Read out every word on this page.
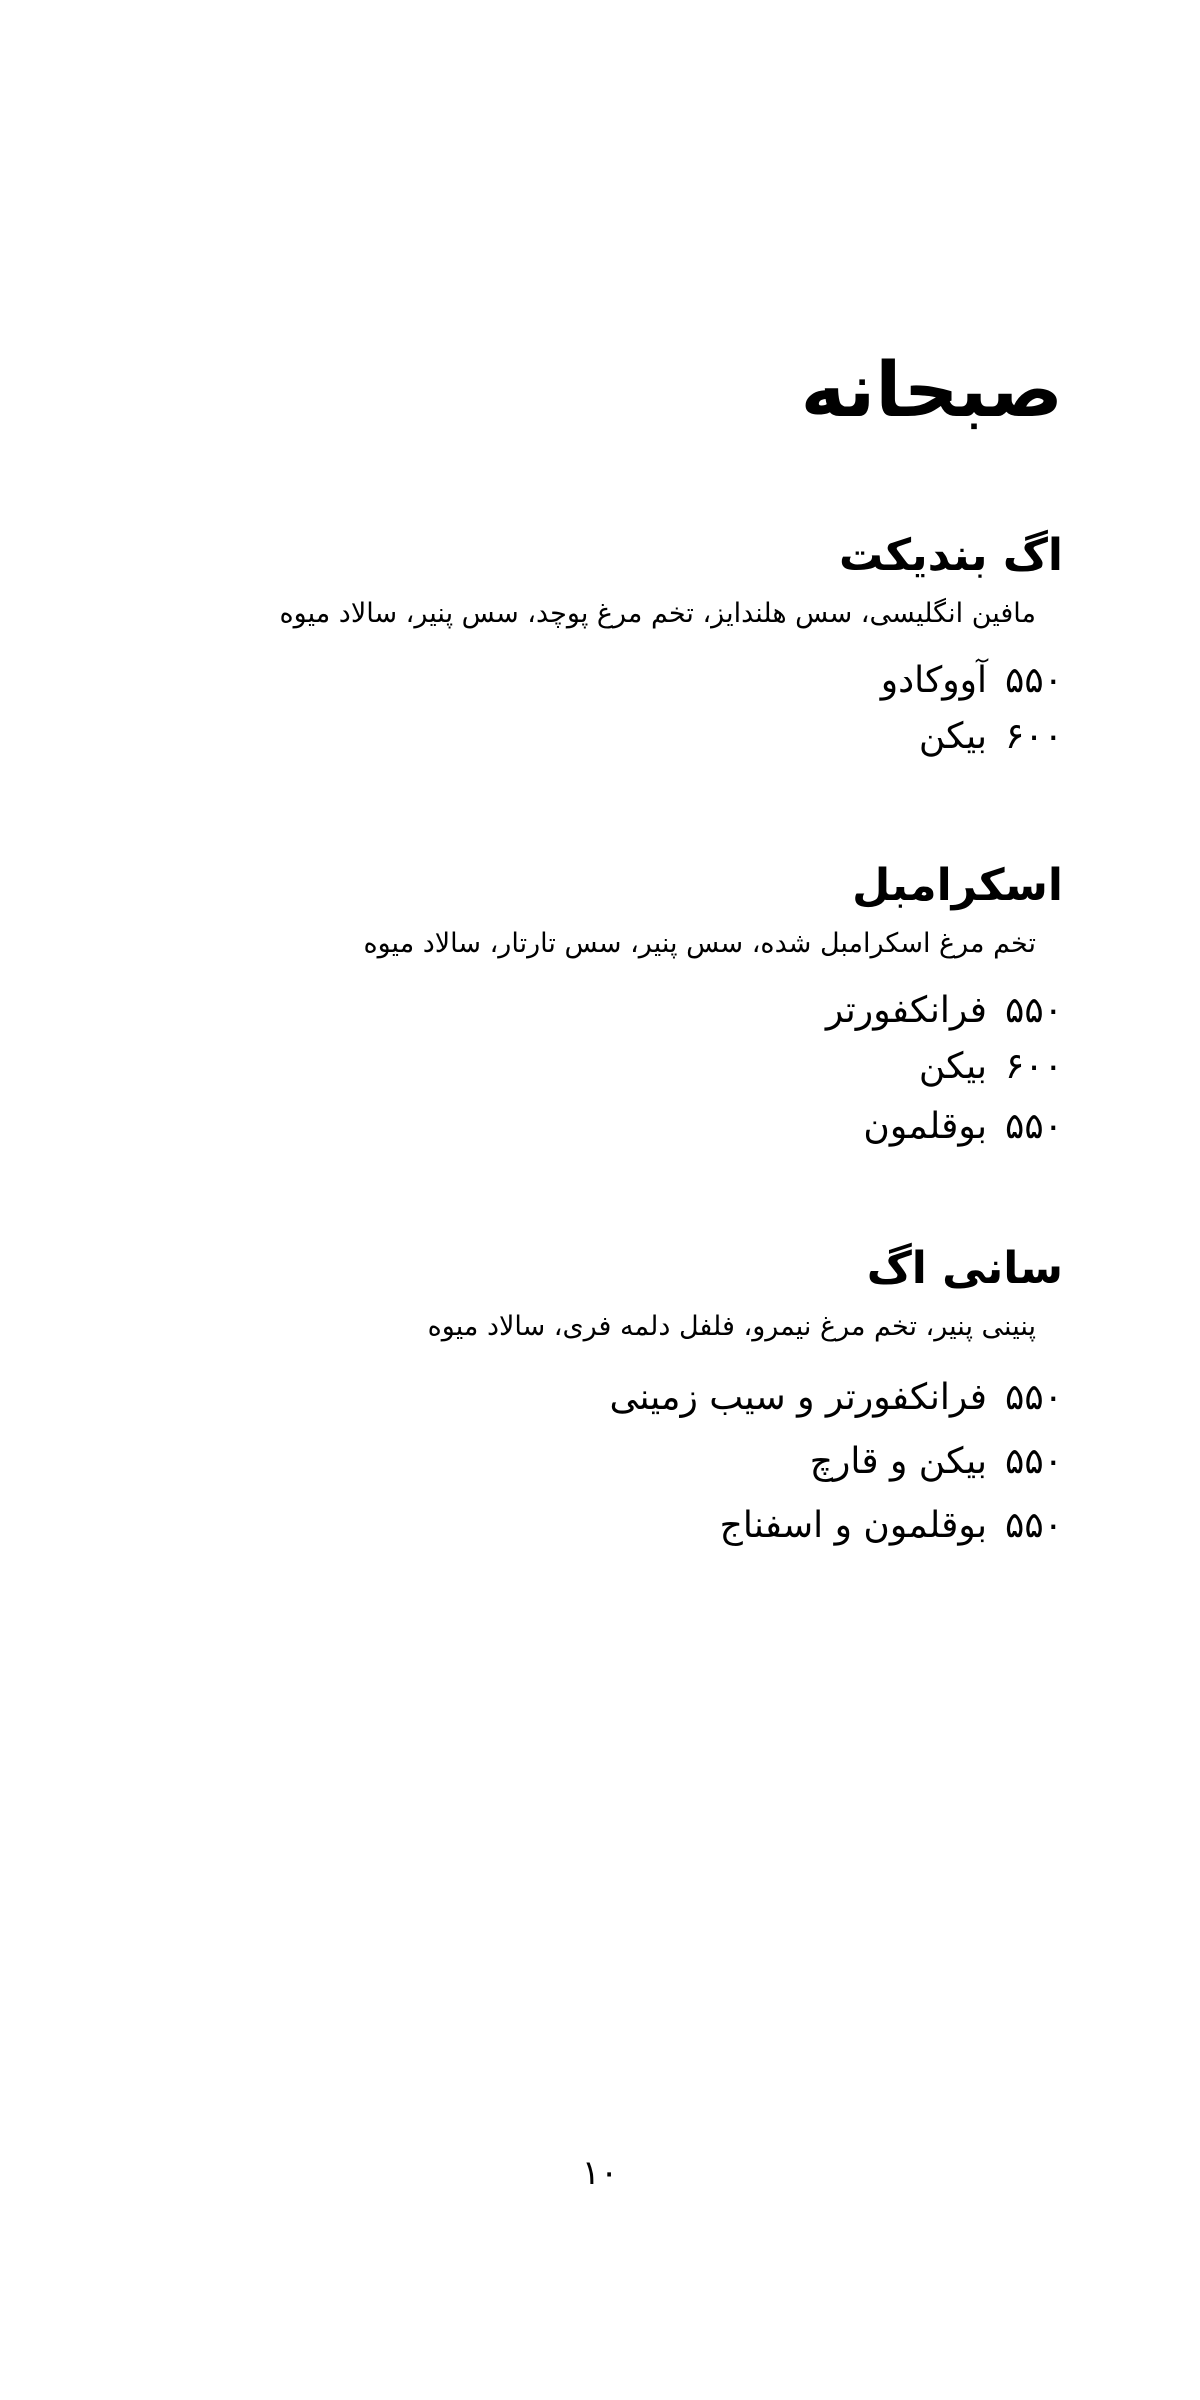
صبحانه
اگ بندیکت

مافین انگلیسی، سس هلندایز، تخم مرغ پوچد، سس پنیر، سالاد میوه

۵۵۰
آووکادو
۶۰۰
بیکن
اسکرامبل

تخم مرغ اسکرامبل شده، سس پنیر، سس تارتار، سالاد میوه

۵۵۰
فرانکفورتر
۶۰۰
بیکن
۵۵۰
بوقلمون
سانی اگ

پنینی پنیر، تخم مرغ نیمرو، فلفل دلمه فری، سالاد میوه

۵۵۰
فرانکفورتر و سیب زمینی
۵۵۰
بیکن و قارچ
۵۵۰
بوقلمون و اسفناج
۱۰
